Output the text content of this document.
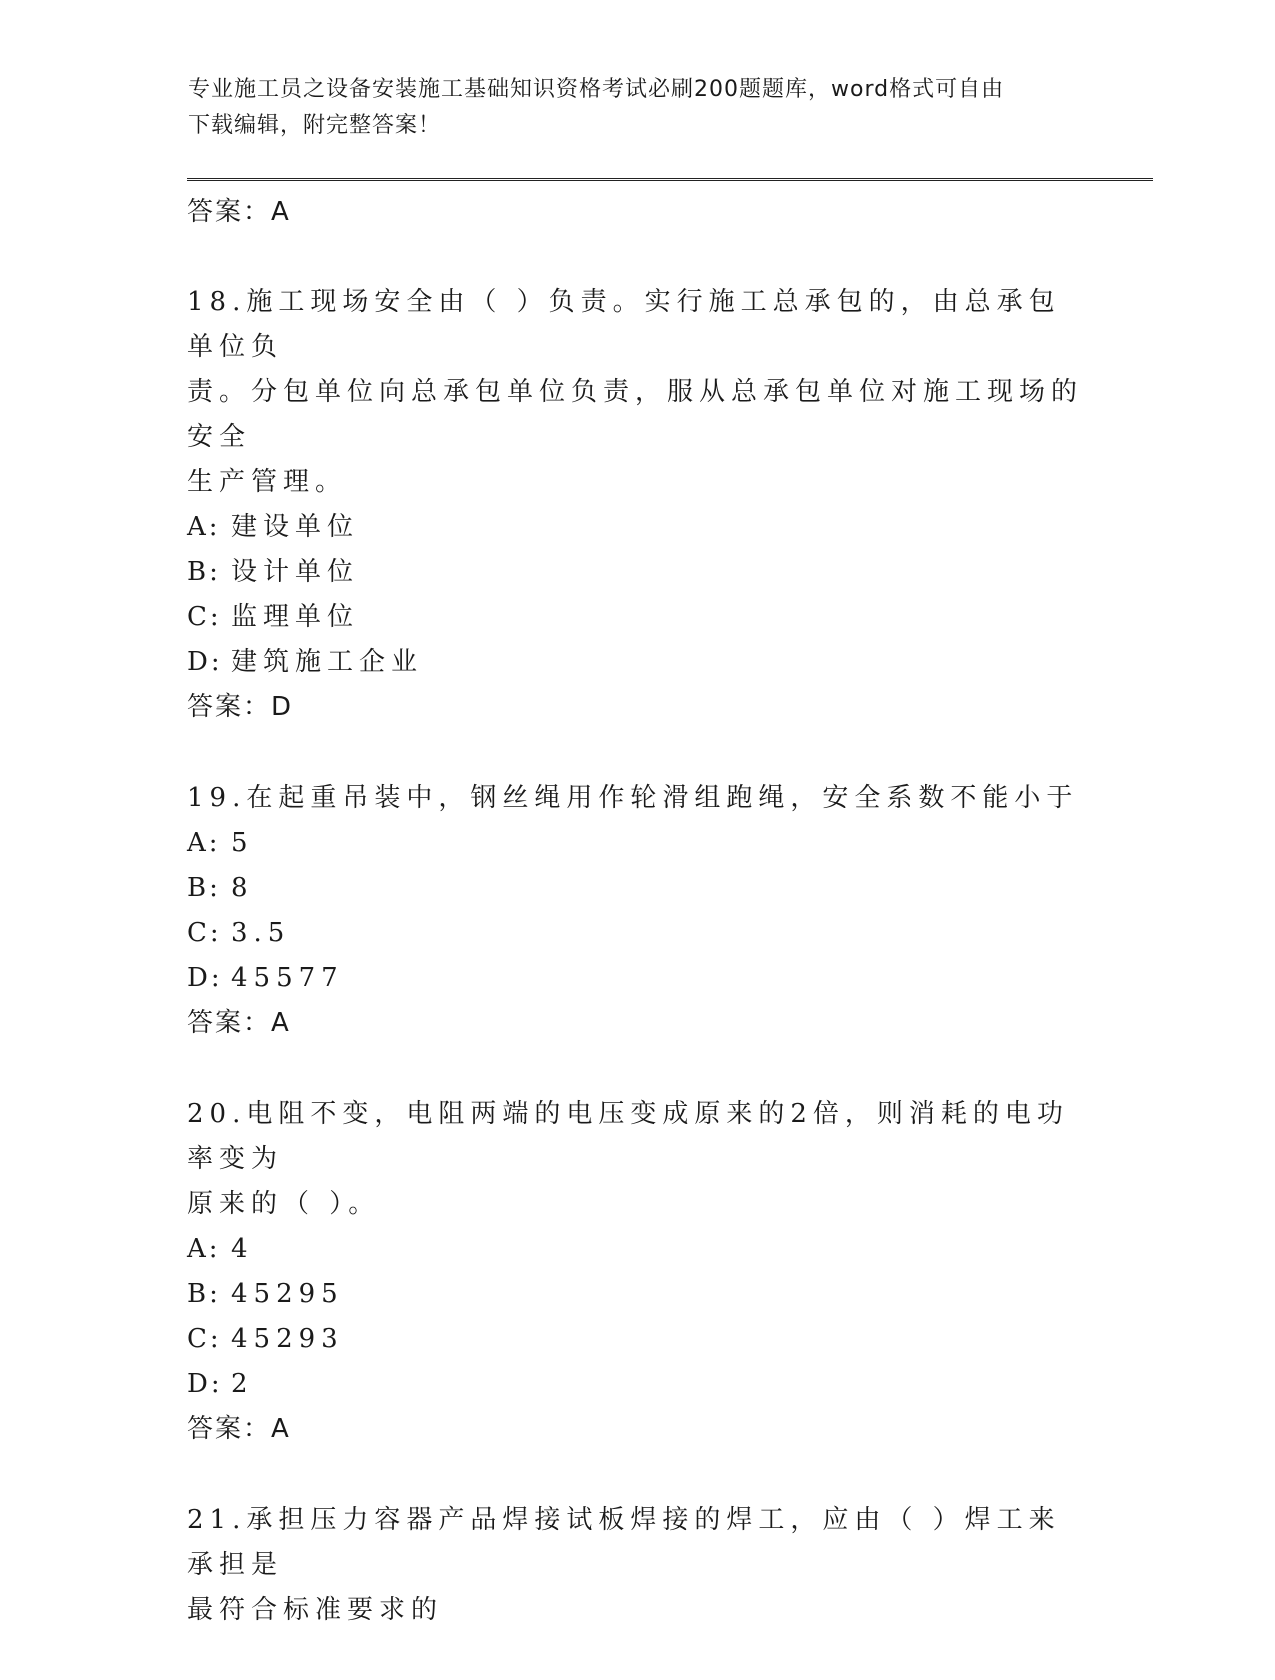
专业施工员之设备安装施工基础知识资格考试必刷200题题库，word格式可自由
下载编辑，附完整答案！
答案：A
18.施工现场安全由（ ）负责。实行施工总承包的，由总承包单位负
责。分包单位向总承包单位负责，服从总承包单位对施工现场的安全
生产管理。
A: 建设单位
B: 设计单位
C: 监理单位
D: 建筑施工企业
答案：D
19.在起重吊装中，钢丝绳用作轮滑组跑绳，安全系数不能小于
A: 5
B: 8
C: 3.5
D: 45577
答案：A
20.电阻不变，电阻两端的电压变成原来的2倍，则消耗的电功率变为
原来的（ ）。
A: 4
B: 45295
C: 45293
D: 2
答案：A
21.承担压力容器产品焊接试板焊接的焊工，应由（ ）焊工来承担是
最符合标准要求的
